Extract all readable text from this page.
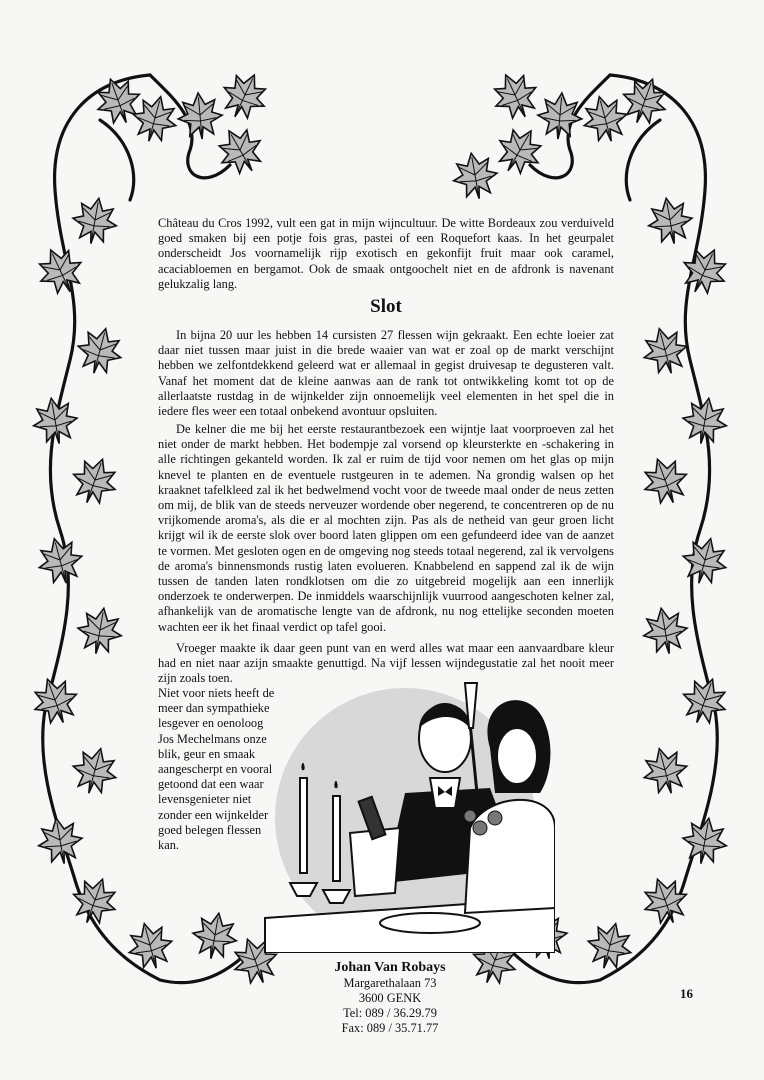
Château du Cros 1992, vult een gat in mijn wijncultuur. De witte Bordeaux zou verduiveld goed smaken bij een potje fois gras, pastei of een Roquefort kaas. In het geurpalet onderscheidt Jos voornamelijk rijp exotisch en gekonfijt fruit maar ook caramel, acaciabloemen en bergamot. Ook de smaak ontgoochelt niet en de afdronk is navenant gelukzalig lang.
Slot
In bijna 20 uur les hebben 14 cursisten 27 flessen wijn gekraakt. Een echte loeier zat daar niet tussen maar juist in die brede waaier van wat er zoal op de markt verschijnt hebben we zelfontdekkend geleerd wat er allemaal in gegist druivesap te degusteren valt. Vanaf het moment dat de kleine aanwas aan de rank tot ontwikkeling komt tot op de allerlaatste rustdag in de wijnkelder zijn onnoemelijk veel elementen in het spel die in iedere fles weer een totaal onbekend avontuur opsluiten.
De kelner die me bij het eerste restaurantbezoek een wijntje laat voorproeven zal het niet onder de markt hebben. Het bodempje zal vorsend op kleursterkte en -schakering in alle richtingen gekanteld worden. Ik zal er ruim de tijd voor nemen om het glas op mijn knevel te planten en de eventuele rustgeuren in te ademen. Na grondig walsen op het kraaknet tafelkleed zal ik het bedwelmend vocht voor de tweede maal onder de neus zetten om mij, de blik van de steeds nerveuzer wordende ober negerend, te concentreren op de nu vrijkomende aroma's, als die er al mochten zijn. Pas als de netheid van geur groen licht krijgt wil ik de eerste slok over boord laten glippen om een gefundeerd idee van de aanzet te vormen. Met gesloten ogen en de omgeving nog steeds totaal negerend, zal ik vervolgens de aroma's binnensmonds rustig laten evolueren. Knabbelend en sappend zal ik de wijn tussen de tanden laten rondklotsen om die zo uitgebreid mogelijk aan een innerlijk onderzoek te onderwerpen. De inmiddels waarschijnlijk vuurrood aangeschoten kelner zal, afhankelijk van de aromatische lengte van de afdronk, nu nog ettelijke seconden moeten wachten eer ik het finaal verdict op tafel gooi.
Vroeger maakte ik daar geen punt van en werd alles wat maar een aanvaardbare kleur had en niet naar azijn smaakte genuttigd. Na vijf lessen wijndegustatie zal het nooit meer zijn zoals toen.
Niet voor niets heeft de meer dan sympathieke lesgever en oenoloog Jos Mechelmans onze blik, geur en smaak aangescherpt en vooral getoond dat een waar levensgenieter niet zonder een wijnkelder goed belegen flessen kan.
Johan Van Robays
Margarethalaan 73
3600 GENK
Tel: 089 / 36.29.79
Fax: 089 / 35.71.77
16
